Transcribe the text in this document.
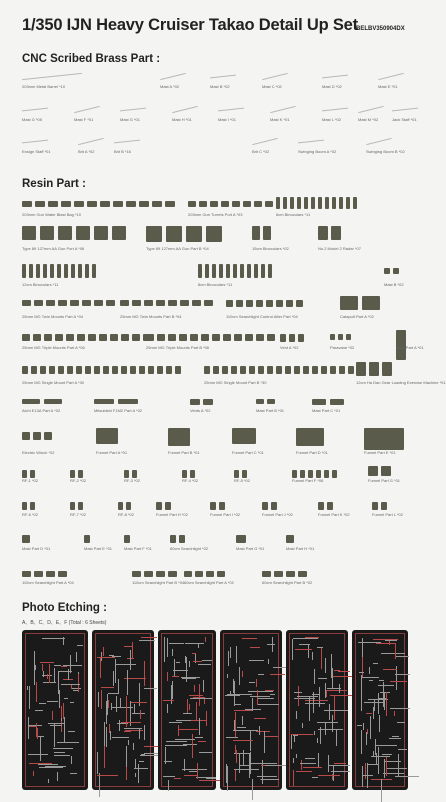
1/350 IJN Heavy Cruiser Takao Detail Up Set
BELBV350904DX
CNC Scribed Brass Part :
Resin Part :
Photo Etching :
A、B、C、D、E、F (Total : 6 Sheets)
203mm Metal Barrel *10	Mast A *02	Mast B *02	Mast C *02	Mast D *02	Mast E *01
Mast G *05	Mast F *01	Mast G *01	Mast H *01	Mast I *01	Mast K *01	Mast L *02	Mast M *02	Jack Staff *01
Ensign Staff *01	Brit A *02	Brit B *16	Brit C *02	Swinging Boom A *02	Swinging Boom B *02
203mm Gun Water Blast Bag *10	203mm Gun Turrets Port A *03	6cm Binoculars *11
Type 89 127mm AA Gun Port A *06	Type 89 127mm AA Gun Part B *04	15cm Binoculars *02	No.2 Model 2 Radar *07
12cm Binoculars *11	8cm Binoculars *11	Mast B *02
25mm MG Twin Mounts Part A *04	25mm MG Twin Mounts Part B *04	110cm Searchlight Control After Part *04	Catapult Part A *02
25mm MG Triple Mounts Part A *06	25mm MG Triple Mounts Part B *06	Vent A *02	Paravane *02	Mast Part A *01
25mm MG Single Mount Part A *30	25mm MG Single Mount Part B *30	12cm Ha Dan Gear Loading Exercise Machine *01
Aichi E13A Part A *02	Mitsubishi F1M2 Part A *02	Vents A *02	Mast Part B *01	Mast Part C *01
Electric Winch *02	Funnel Part A *01	Funnel Part B *01	Funnel Part C *01	Funnel Part D *01	Funnel Part E *01
RF-1 *02	RF-2 *02	RF-3 *02	RF-4 *02	RF-5 *02	Funnel Part F *06	Funnel Part G *01
RF-6 *02	RF-7 *02	RF-8 *02	Funnel Part H *02	Funnel Part I *02	Funnel Part J *02	Funnel Part K *02	Funnel Part L *02
Mast Part D *01	Mast Part E *01	Mast Part F *01	60cm Searchlight *02	Mast Part G *01	Mast Part H *01
110cm Searchlight Part A *04	110cm Searchlight Part B *04 60cm Searchlight Part A *02	60cm Searchlight Part B *02
